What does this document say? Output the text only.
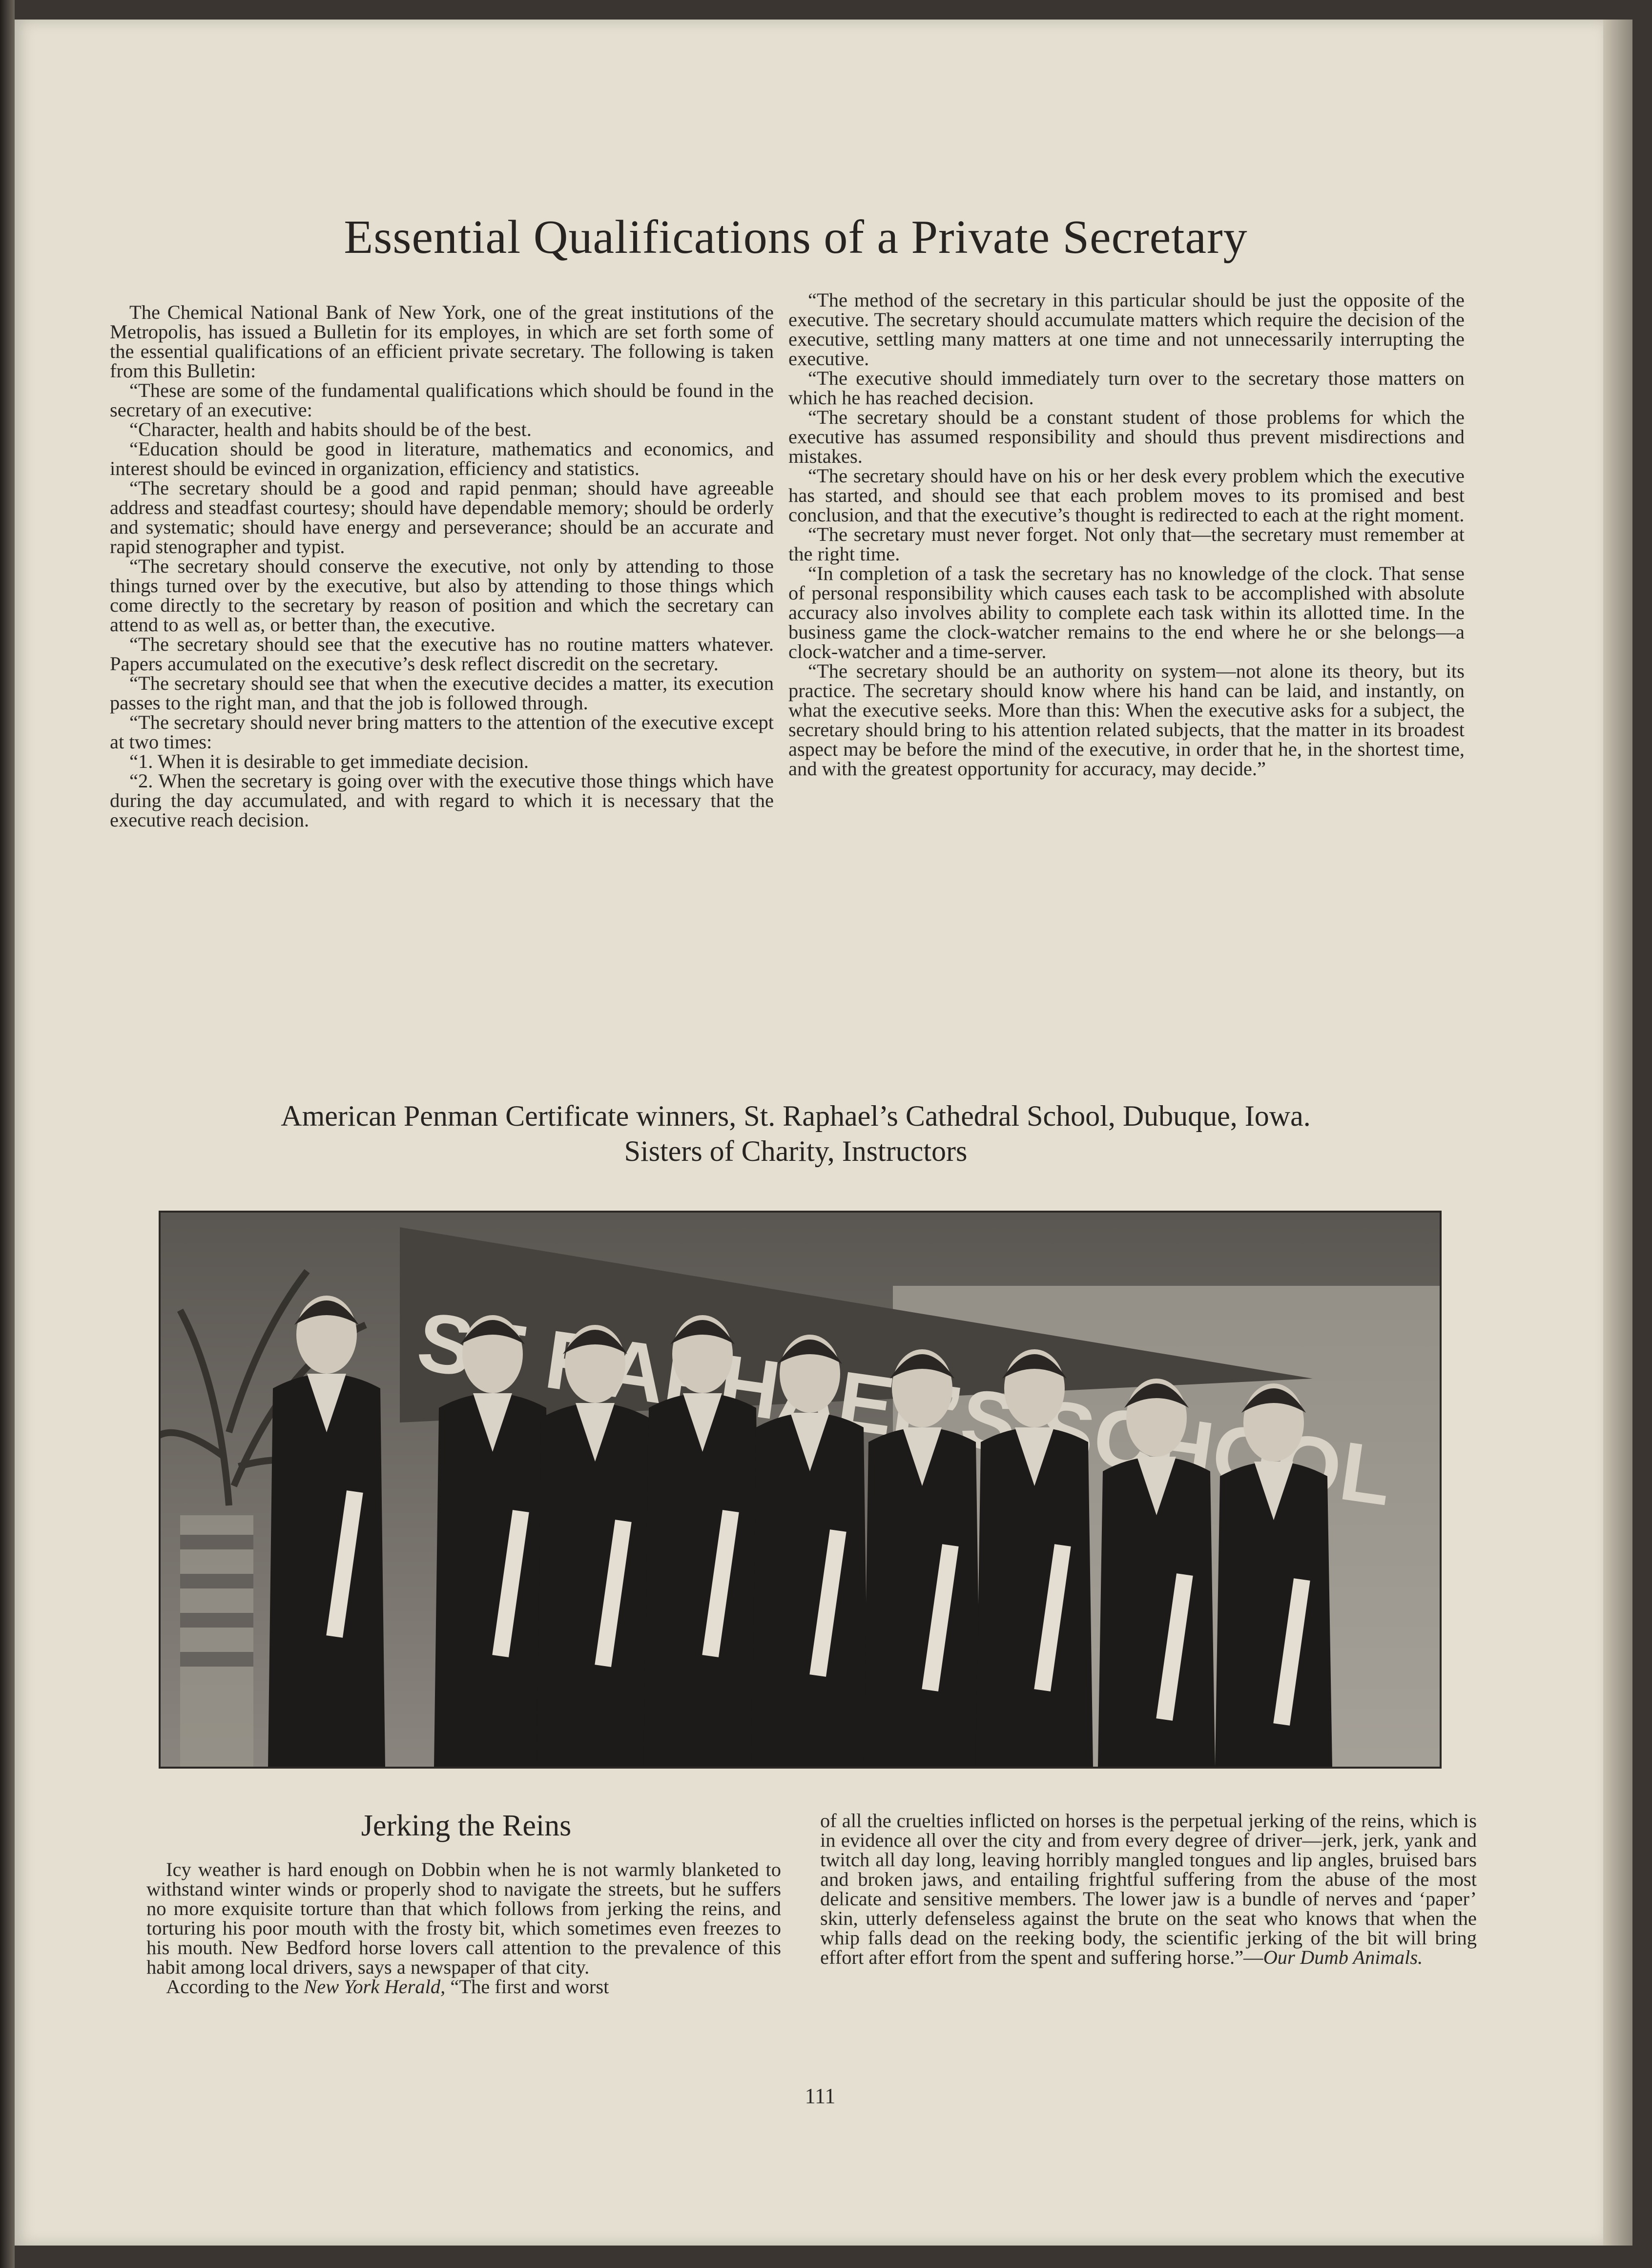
Essential Qualifications of a Private Secretary

The Chemical National Bank of New York, one of the great institutions of the Metropolis, has issued a Bulletin for its employes, in which are set forth some of the essential qualifications of an efficient private secretary. The following is taken from this Bulletin:

“These are some of the fundamental qualifications which should be found in the secretary of an executive:

“Character, health and habits should be of the best.

“Education should be good in literature, mathematics and economics, and interest should be evinced in organization, efficiency and statistics.

“The secretary should be a good and rapid penman; should have agreeable address and steadfast courtesy; should have dependable memory; should be orderly and systematic; should have energy and perseverance; should be an accurate and rapid stenographer and typist.

“The secretary should conserve the executive, not only by attending to those things turned over by the executive, but also by attending to those things which come directly to the secretary by reason of position and which the secretary can attend to as well as, or better than, the executive.

“The secretary should see that the executive has no routine matters whatever. Papers accumulated on the executive’s desk reflect discredit on the secretary.

“The secretary should see that when the executive decides a matter, its execution passes to the right man, and that the job is followed through.

“The secretary should never bring matters to the attention of the executive except at two times:

“1. When it is desirable to get immediate decision.

“2. When the secretary is going over with the executive those things which have during the day accumulated, and with regard to which it is necessary that the executive reach decision.

“The method of the secretary in this particular should be just the opposite of the executive. The secretary should accumulate matters which require the decision of the executive, settling many matters at one time and not unnecessarily interrupting the executive.

“The executive should immediately turn over to the secretary those matters on which he has reached decision.

“The secretary should be a constant student of those problems for which the executive has assumed responsibility and should thus prevent misdirections and mistakes.

“The secretary should have on his or her desk every problem which the executive has started, and should see that each problem moves to its promised and best conclusion, and that the executive’s thought is redirected to each at the right moment.

“The secretary must never forget. Not only that—the secretary must remember at the right time.

“In completion of a task the secretary has no knowledge of the clock. That sense of personal responsibility which causes each task to be accomplished with absolute accuracy also involves ability to complete each task within its allotted time. In the business game the clock-watcher remains to the end where he or she belongs—a clock-watcher and a time-server.

“The secretary should be an authority on system—not alone its theory, but its practice. The secretary should know where his hand can be laid, and instantly, on what the executive seeks. More than this: When the executive asks for a subject, the secretary should bring to his attention related subjects, that the matter in its broadest aspect may be before the mind of the executive, in order that he, in the shortest time, and with the greatest opportunity for accuracy, may decide.”

American Penman Certificate winners, St. Raphael’s Cathedral School, Dubuque, Iowa.
Sisters of Charity, Instructors
RAPHAEL’S SCHOOL
Jerking the Reins

Icy weather is hard enough on Dobbin when he is not warmly blanketed to withstand winter winds or properly shod to navigate the streets, but he suffers no more exquisite torture than that which follows from jerking the reins, and torturing his poor mouth with the frosty bit, which sometimes even freezes to his mouth. New Bedford horse lovers call attention to the prevalence of this habit among local drivers, says a newspaper of that city.

According to the New York Herald, “The first and worst

of all the cruelties inflicted on horses is the perpetual jerking of the reins, which is in evidence all over the city and from every degree of driver—jerk, jerk, yank and twitch all day long, leaving horribly mangled tongues and lip angles, bruised bars and broken jaws, and entailing frightful suffering from the abuse of the most delicate and sensitive members. The lower jaw is a bundle of nerves and ‘paper’ skin, utterly defenseless against the brute on the seat who knows that when the whip falls dead on the reeking body, the scientific jerking of the bit will bring effort after effort from the spent and suffering horse.”—Our Dumb Animals.

111
